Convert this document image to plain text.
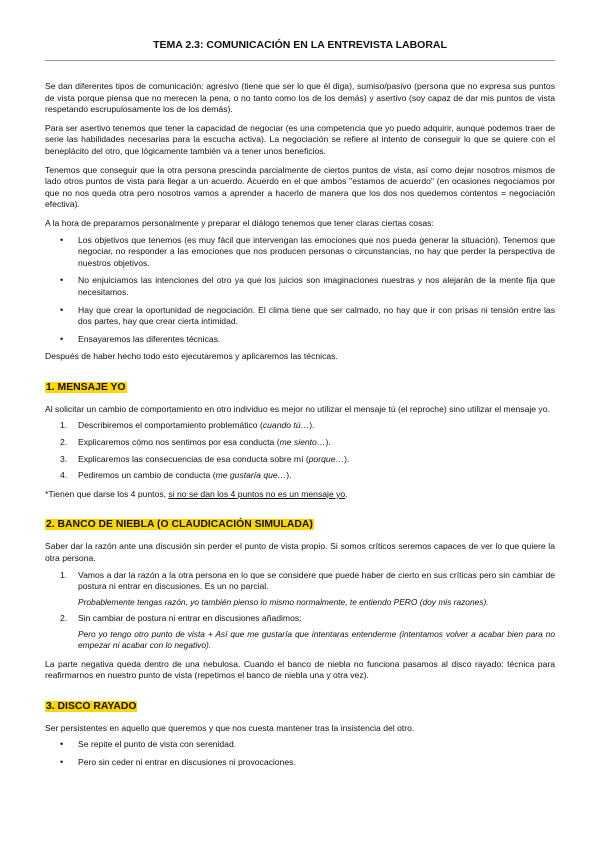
TEMA 2.3: COMUNICACIÓN EN LA ENTREVISTA LABORAL

Se dan diferentes tipos de comunicación: agresivo (tiene que ser lo que él diga), sumiso/pasivo (persona que no expresa sus puntos de vista porque piensa que no merecen la pena, o no tanto como los de los demás) y asertivo (soy capaz de dar mis puntos de vista respetando escrupulosamente los de los demás).

Para ser asertivo tenemos que tener la capacidad de negociar (es una competencia que yo puedo adquirir, aunque podemos traer de serie las habilidades necesarias para la escucha activa). La negociación se refiere al intento de conseguir lo que se quiere con el beneplácito del otro, que lógicamente también va a tener unos beneficios.

Tenemos que conseguir que la otra persona prescinda parcialmente de ciertos puntos de vista, así como dejar nosotros mismos de lado otros puntos de vista para llegar a un acuerdo. Acuerdo en el que ambos "estamos de acuerdo" (en ocasiones negociamos por que no nos queda otra pero nosotros vamos a aprender a hacerlo de manera que los dos nos quedemos contentos = negociación efectiva).

A la hora de prepararnos personalmente y preparar el diálogo tenemos que tener claras ciertas cosas:

• Los objetivos que tenemos (es muy fácil que intervengan las emociones que nos pueda generar la situación). Tenemos que negociar, no responder a las emociones que nos producen personas o circunstancias, no hay que perder la perspectiva de nuestros objetivos.
• No enjuiciamos las intenciones del otro ya que los juicios son imaginaciones nuestras y nos alejarán de la mente fija que necesitamos.
• Hay que crear la oportunidad de negociación. El clima tiene que ser calmado, no hay que ir con prisas ni tensión entre las dos partes, hay que crear cierta intimidad.
• Ensayaremos las diferentes técnicas.

Después de haber hecho todo esto ejecutaremos y aplicaremos las técnicas.

1. MENSAJE YO

Al solicitar un cambio de comportamiento en otro individuo es mejor no utilizar el mensaje tú (el reproche) sino utilizar el mensaje yo.

Describiremos el comportamiento problemático (cuando tú…).
Explicaremos cómo nos sentimos por esa conducta (me siento…).
Explicaremos las consecuencias de esa conducta sobre mí (porque…).
Pediremos un cambio de conducta (me gustaría que…).

*Tienen que darse los 4 puntos, si no se dan los 4 puntos no es un mensaje yo.

2. BANCO DE NIEBLA (O CLAUDICACIÓN SIMULADA)

Saber dar la razón ante una discusión sin perder el punto de vista propio. Si somos críticos seremos capaces de ver lo que quiere la otra persona.

Vamos a dar la razón a la otra persona en lo que se considere que puede haber de cierto en sus críticas pero sin cambiar de postura ni entrar en discusiones. Es un no parcial.
Probablemente tengas razón, yo también pienso lo mismo normalmente, te entiendo PERO (doy mis razones).
Sin cambiar de postura ni entrar en discusiones añadimos:
Pero yo tengo otro punto de vista + Así que me gustaría que intentaras entenderme (intentamos volver a acabar bien para no empezar ni acabar con lo negativo).

La parte negativa queda dentro de una nebulosa. Cuando el banco de niebla no funciona pasamos al disco rayado: técnica para reafirmarnos en nuestro punto de vista (repetimos el banco de niebla una y otra vez).

3. DISCO RAYADO

Ser persistentes en aquello que queremos y que nos cuesta mantener tras la insistencia del otro.

• Se repite el punto de vista con serenidad.
• Pero sin ceder ni entrar en discusiones ni provocaciones.
